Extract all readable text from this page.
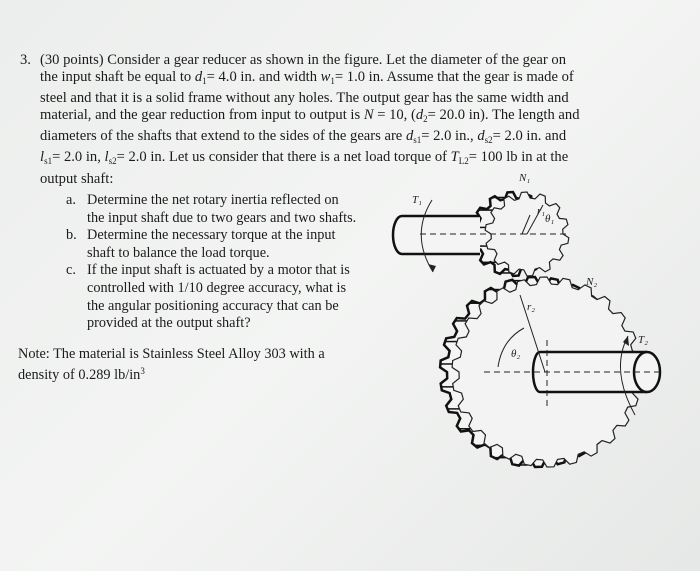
3. (30 points) Consider a gear reducer as shown in the figure. Let the diameter of the gear on
the input shaft be equal to $d_1= 4.0$ in. and width $w_1= 1.0$ in. Assume that the gear is made of
steel and that it is a solid frame without any holes. The output gear has the same width and
material, and the gear reduction from input to output is N = 10, ($d_2= 20.0$ in). The length and
diameters of the shafts that extend to the sides of the gears are $d_{s1}= 2.0$ in., $d_{s2}= 2.0$ in. and
$l_{s1}= 2.0$ in, $l_{s2}= 2.0$ in. Let us consider that there is a net load torque of $T_{L2}= 100$ lb in at the
output shaft:
a. Determine the net rotary inertia reflected on
the input shaft due to two gears and two shafts.
b. Determine the necessary torque at the input
shaft to balance the load torque.
c. If the input shaft is actuated by a motor that is
controlled with 1/10 degree accuracy, what is
the angular positioning accuracy that can be
provided at the output shaft?
Note: The material is Stainless Steel Alloy 303 with a
density of 0.289 $lb/in^3$
N₁
T₁
r₁
θ₁
N₂
r₂
θ₂
T₂
